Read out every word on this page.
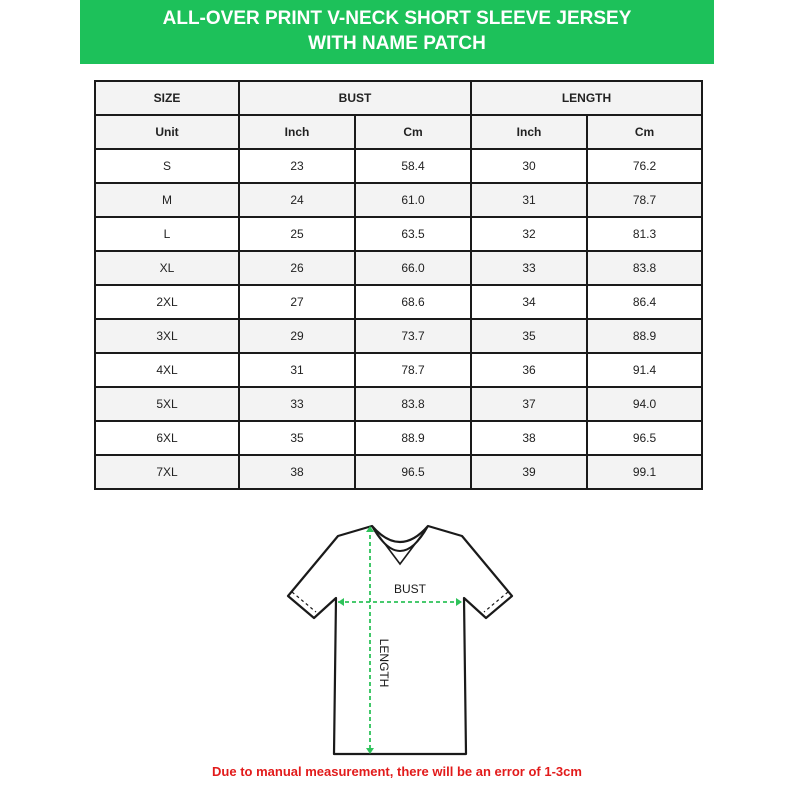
ALL-OVER PRINT V-NECK SHORT SLEEVE JERSEY
WITH NAME PATCH
SIZE	BUST		LENGTH	
Unit	Inch	Cm	Inch	Cm
S	23	58.4	30	76.2
M	24	61.0	31	78.7
L	25	63.5	32	81.3
XL	26	66.0	33	83.8
2XL	27	68.6	34	86.4
3XL	29	73.7	35	88.9
4XL	31	78.7	36	91.4
5XL	33	83.8	37	94.0
6XL	35	88.9	38	96.5
7XL	38	96.5	39	99.1
BUST
LENGTH
Due to manual measurement, there will be an error of 1-3cm
